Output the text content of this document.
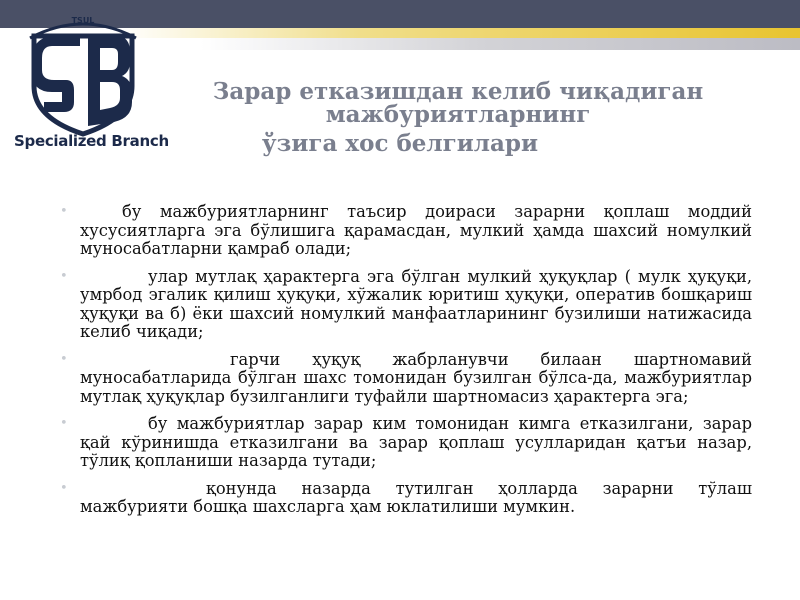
TSUL
Specialized Branch
Зарар етказишдан келиб чиқадиган мажбуриятларнинг
ўзига хос белгилари
•	бу мажбуриятларнинг таъсир доираси зарарни қоплаш моддий хусусиятларга эга бўлишига қарамасдан, мулкий ҳамда шахсий номулкий муносабатларни қамраб олади;
•	улар мутлақ ҳарактерга эга бўлган мулкий ҳуқуқлар ( мулк ҳуқуқи, умрбод эгалик қилиш ҳуқуқи, хўжалик юритиш ҳуқуқи, оператив бошқариш ҳуқуқи ва б) ёки шахсий номулкий манфаатларининг бузилиши натижасида келиб чиқади;
•	гарчи ҳуқуқ жабрланувчи билаан шартномавий муносабатларида бўлган шахс томонидан бузилган бўлса-да, мажбуриятлар мутлақ ҳуқуқлар бузилганлиги туфайли шартномасиз ҳарактерга эга;
•	бу мажбуриятлар зарар ким томонидан кимга етказилгани, зарар қай кўринишда етказилгани ва зарар қоплаш усулларидан қатъи назар, тўлиқ қопланиши назарда тутади;
•	қонунда назарда тутилган ҳолларда зарарни тўлаш мажбурияти бошқа шахсларга ҳам юклатилиши мумкин.
